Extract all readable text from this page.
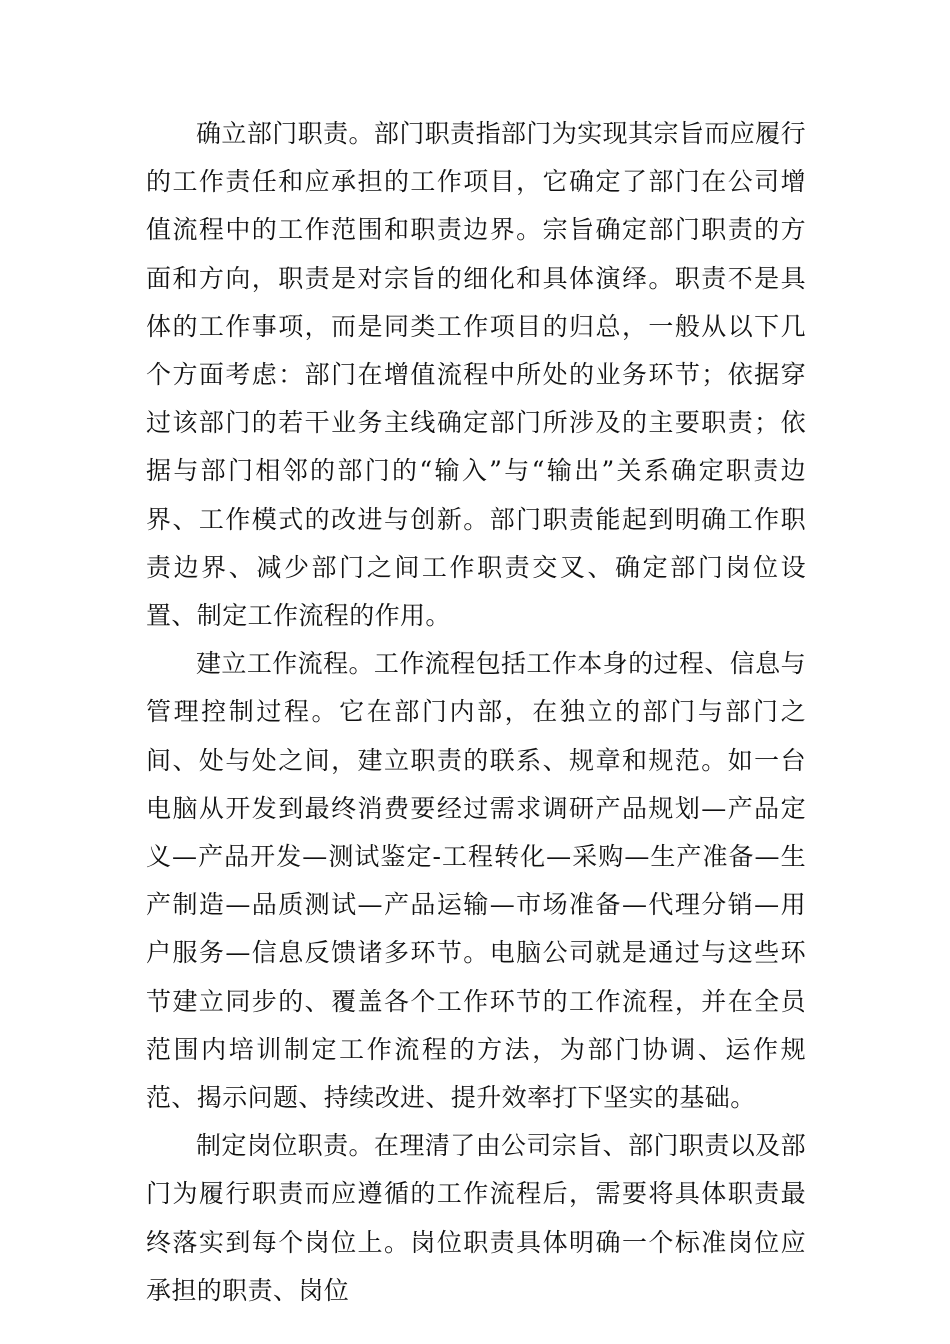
确立部门职责。部门职责指部门为实现其宗旨而应履行的工作责任和应承担的工作项目，它确定了部门在公司增值流程中的工作范围和职责边界。宗旨确定部门职责的方面和方向，职责是对宗旨的细化和具体演绎。职责不是具体的工作事项，而是同类工作项目的归总，一般从以下几个方面考虑：部门在增值流程中所处的业务环节；依据穿过该部门的若干业务主线确定部门所涉及的主要职责；依据与部门相邻的部门的“输入”与“输出”关系确定职责边界、工作模式的改进与创新。部门职责能起到明确工作职责边界、减少部门之间工作职责交叉、确定部门岗位设置、制定工作流程的作用。

建立工作流程。工作流程包括工作本身的过程、信息与管理控制过程。它在部门内部，在独立的部门与部门之间、处与处之间，建立职责的联系、规章和规范。如一台电脑从开发到最终消费要经过需求调研产品规划—产品定义—产品开发—测试鉴定-工程转化—采购—生产准备—生产制造—品质测试—产品运输—市场准备—代理分销—用户服务—信息反馈诸多环节。电脑公司就是通过与这些环节建立同步的、覆盖各个工作环节的工作流程，并在全员范围内培训制定工作流程的方法，为部门协调、运作规范、揭示问题、持续改进、提升效率打下坚实的基础。

制定岗位职责。在理清了由公司宗旨、部门职责以及部门为履行职责而应遵循的工作流程后，需要将具体职责最终落实到每个岗位上。岗位职责具体明确一个标准岗位应承担的职责、岗位
